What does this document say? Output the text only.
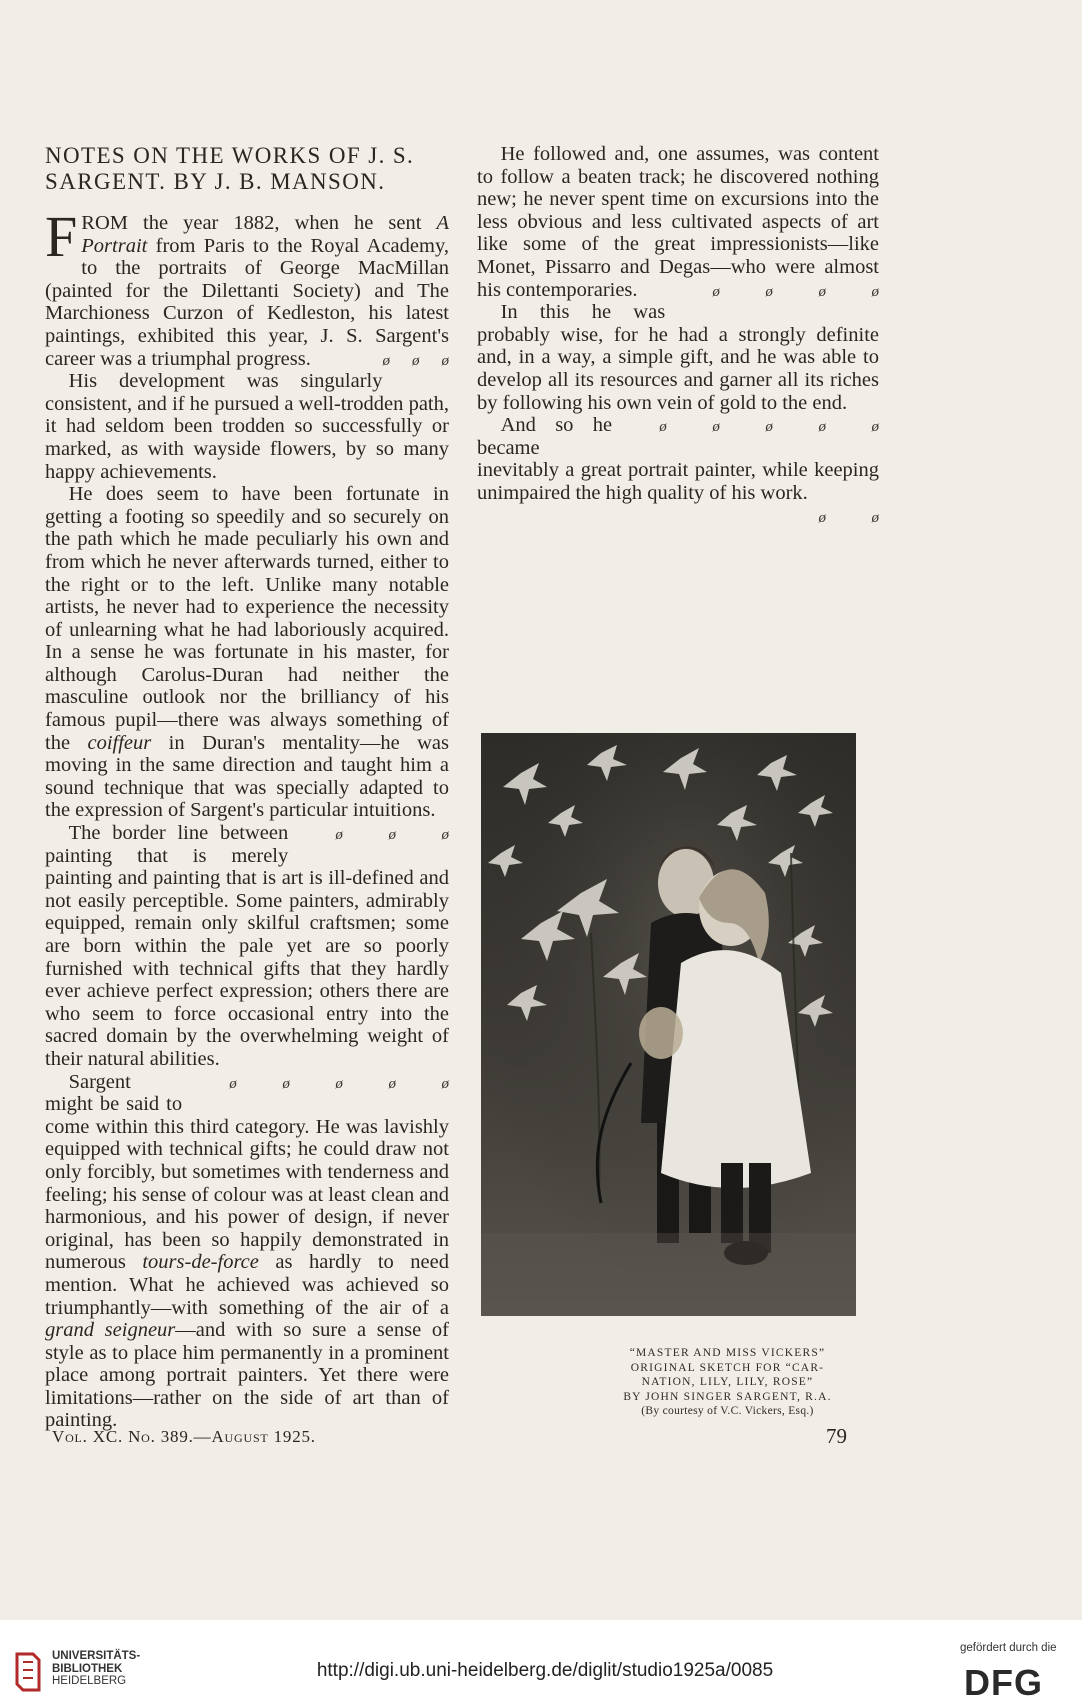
NOTES ON THE WORKS OF J. S. SARGENT. BY J. B. MANSON.

FROM the year 1882, when he sent A Portrait from Paris to the Royal Academy, to the portraits of George MacMillan (painted for the Dilettanti Society) and The Marchioness Curzon of Kedleston, his latest paintings, exhibited this year, J. S. Sargent's career was a triumphal progress.	ø ø ø

His development was singularly consistent, and if he pursued a well-trodden path, it had seldom been trodden so successfully or marked, as with wayside flowers, by so many happy achievements.

He does seem to have been fortunate in getting a footing so speedily and so securely on the path which he made peculiarly his own and from which he never afterwards turned, either to the right or to the left. Unlike many notable artists, he never had to experience the necessity of unlearning what he had laboriously acquired. In a sense he was fortunate in his master, for although Carolus-Duran had neither the masculine outlook nor the brilliancy of his famous pupil—there was always something of the coiffeur in Duran's mentality—he was moving in the same direction and taught him a sound technique that was specially adapted to the expression of Sargent's particular intuitions.
ø	ø	ø

The border line between painting that is merely painting and painting that is art is ill-defined and not easily perceptible. Some painters, admirably equipped, remain only skilful craftsmen; some are born within the pale yet are so poorly furnished with technical gifts that they hardly ever achieve perfect expression; others there are who seem to force occasional entry into the sacred domain by the overwhelming weight of their natural abilities.
ø	ø	ø	ø	ø

Sargent might be said to come within this third category. He was lavishly equipped with technical gifts; he could draw not only forcibly, but sometimes with tenderness and feeling; his sense of colour was at least clean and harmonious, and his power of design, if never original, has been so happily demonstrated in numerous tours-de-force as hardly to need mention. What he achieved was achieved so triumphantly—with something of the air of a grand seigneur—and with so sure a sense of style as to place him permanently in a prominent place among portrait painters. Yet there were limitations—rather on the side of art than of painting.

He followed and, one assumes, was content to follow a beaten track; he discovered nothing new; he never spent time on excursions into the less obvious and less cultivated aspects of art like some of the great impressionists—like Monet, Pissarro and Degas—who were almost his contemporaries.	ø	ø	ø	ø

In this he was probably wise, for he had a strongly definite and, in a way, a simple gift, and he was able to develop all its resources and garner all its riches by following his own vein of gold to the end.
ø	ø	ø	ø	ø

And so he became inevitably a great portrait painter, while keeping unimpaired the high quality of his work.
ø	ø

“MASTER AND MISS VICKERS”
ORIGINAL SKETCH FOR “CAR-
NATION, LILY, LILY, ROSE”
BY JOHN SINGER SARGENT, R.A.
(By courtesy of V.C. Vickers, Esq.)
Vol. XC. No. 389.—August 1925.	79
UNIVERSITÄTS-
BIBLIOTHEK
HEIDELBERG	http://digi.ub.uni-heidelberg.de/diglit/studio1925a/0085
gefördert durch die
DFG
